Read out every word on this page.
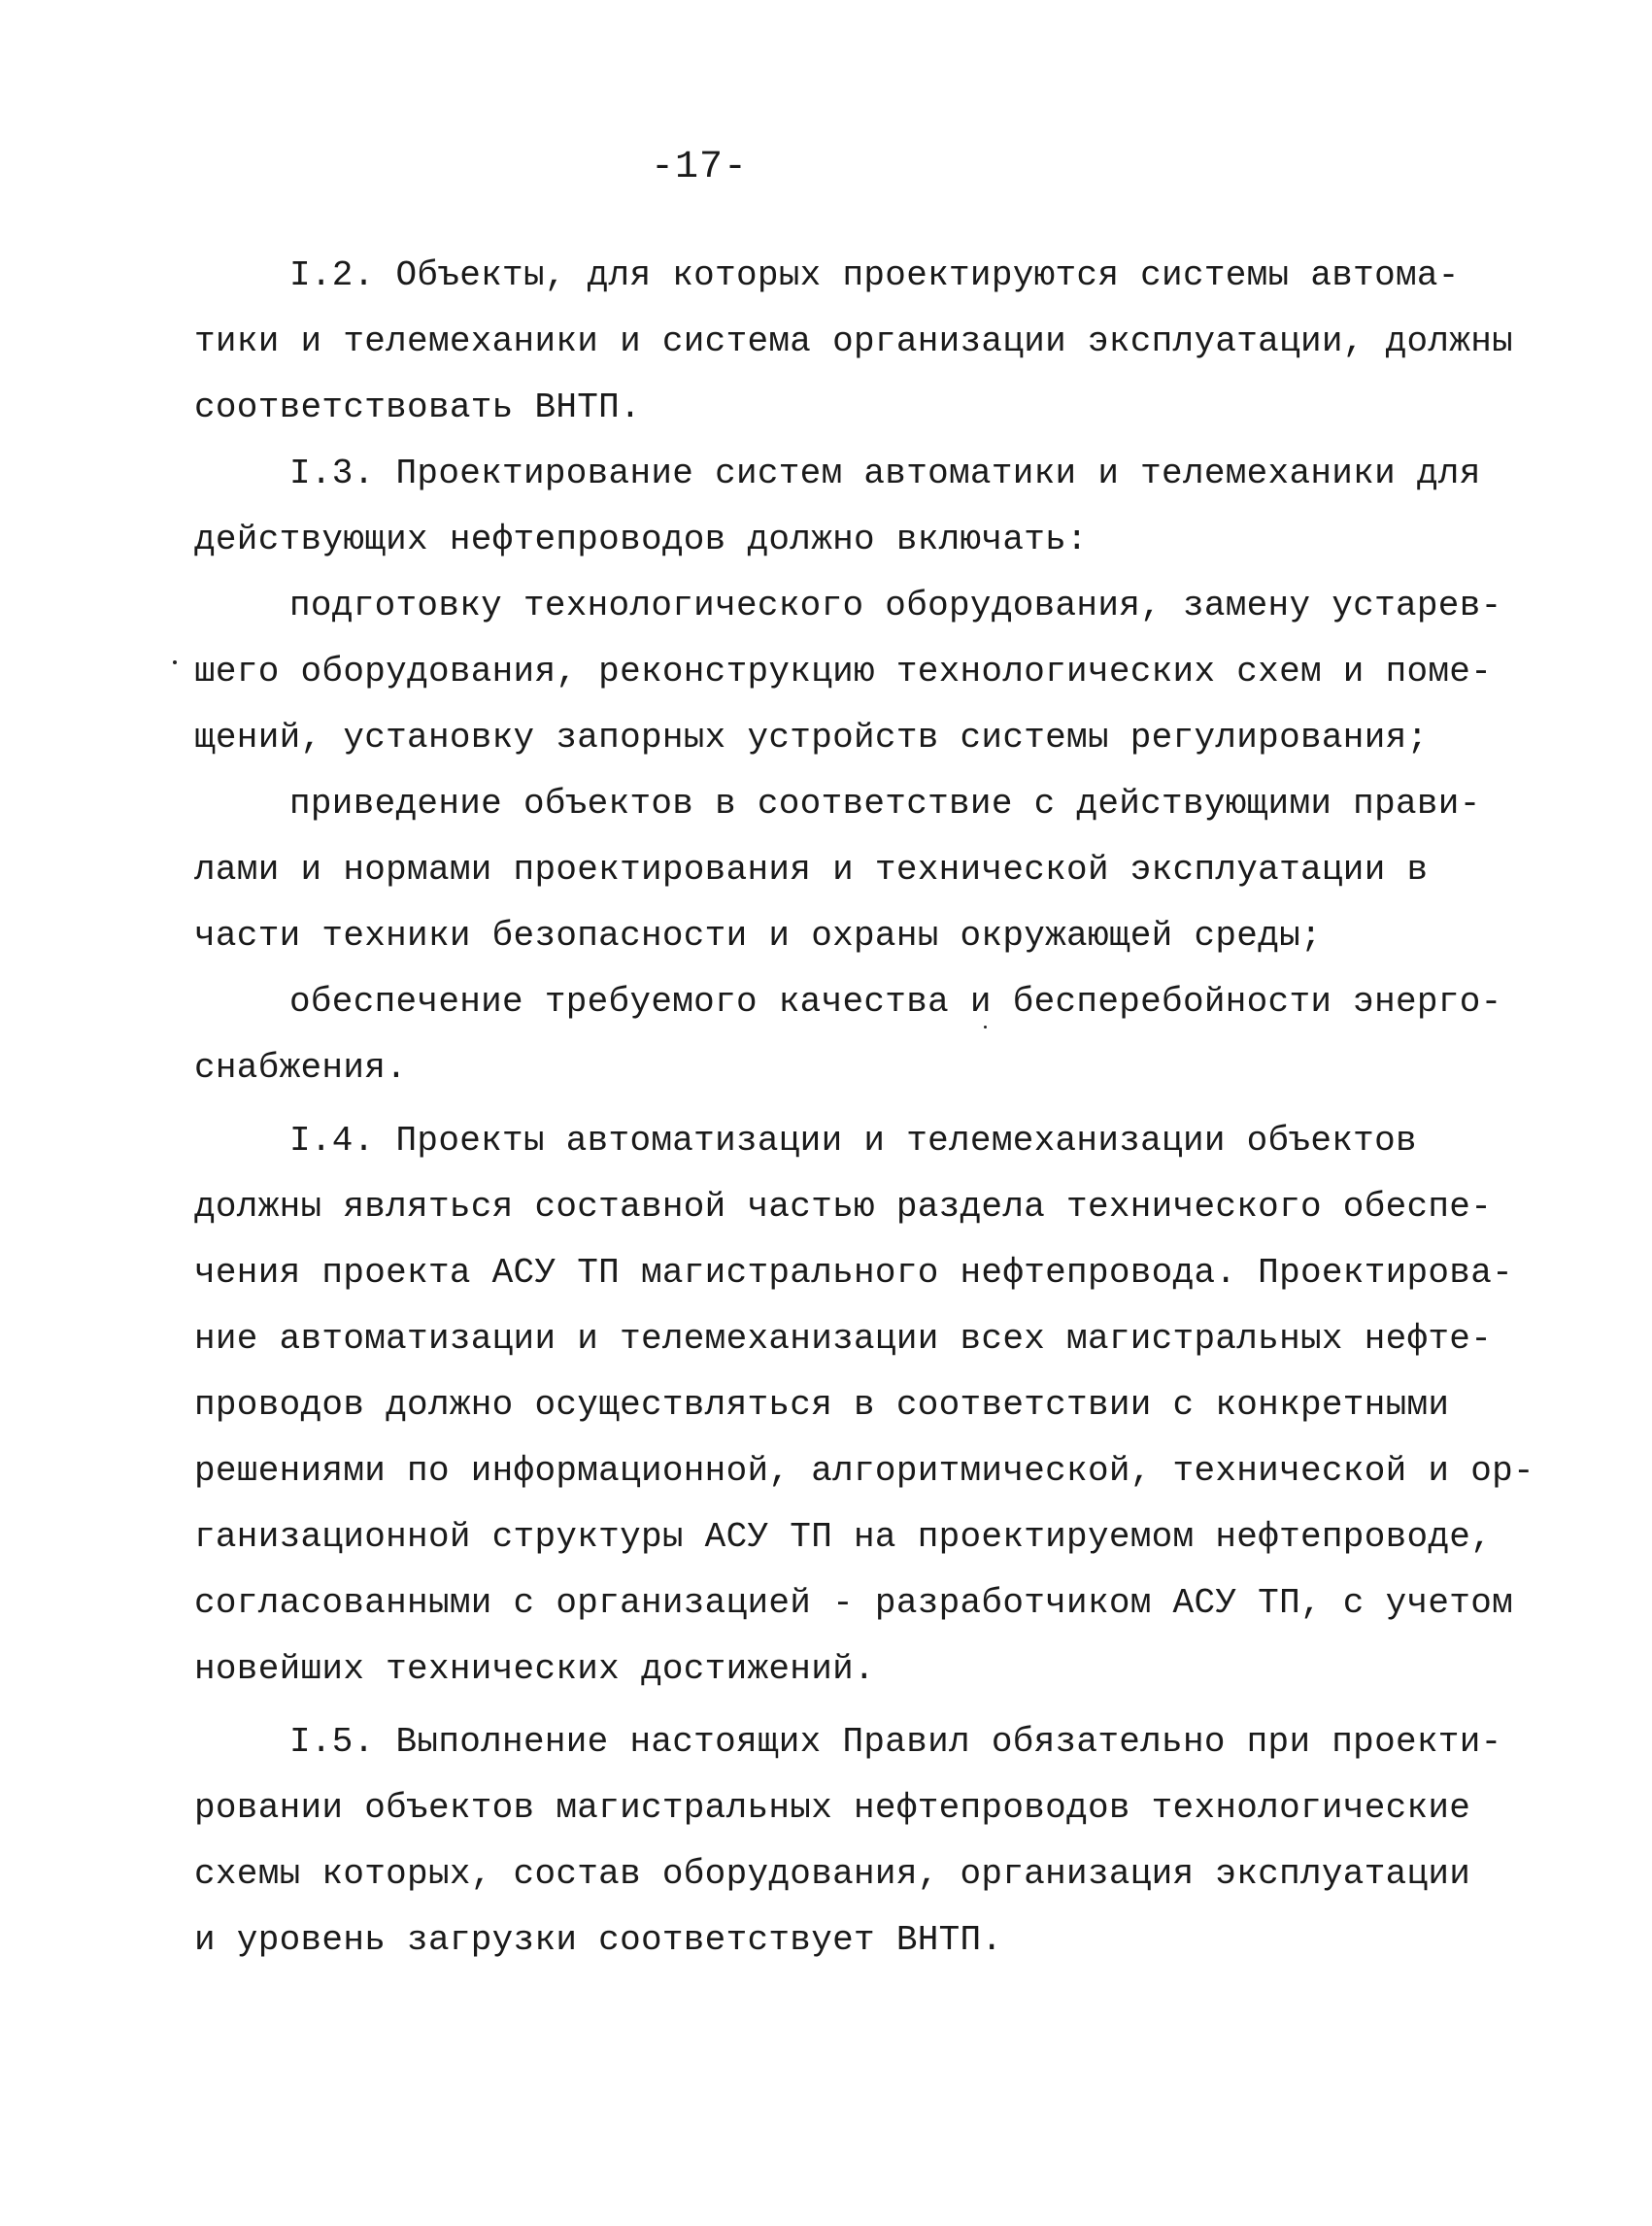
-17-
I.2. Объекты, для которых проектируются системы автома-
тики и телемеханики и система организации эксплуатации, должны
соответствовать ВНТП.
I.3. Проектирование систем автоматики и телемеханики для
действующих нефтепроводов должно включать:
подготовку технологического оборудования, замену устарев-
шего оборудования, реконструкцию технологических схем и поме-
щений, установку запорных устройств системы регулирования;
приведение объектов в соответствие с действующими прави-
лами и нормами проектирования и технической эксплуатации в
части техники безопасности и охраны окружающей среды;
обеспечение требуемого качества и бесперебойности энерго-
снабжения.
I.4. Проекты автоматизации и телемеханизации объектов
должны являться составной частью раздела технического обеспе-
чения проекта АСУ ТП магистрального нефтепровода. Проектирова-
ние автоматизации и телемеханизации всех магистральных нефте-
проводов должно осуществляться в соответствии с конкретными
решениями по информационной, алгоритмической, технической и ор-
ганизационной структуры АСУ ТП на проектируемом нефтепроводе,
согласованными с организацией - разработчиком АСУ ТП, с учетом
новейших технических достижений.
I.5. Выполнение настоящих Правил обязательно при проекти-
ровании объектов магистральных нефтепроводов технологические
схемы которых, состав оборудования, организация эксплуатации
и уровень загрузки соответствует ВНТП.
